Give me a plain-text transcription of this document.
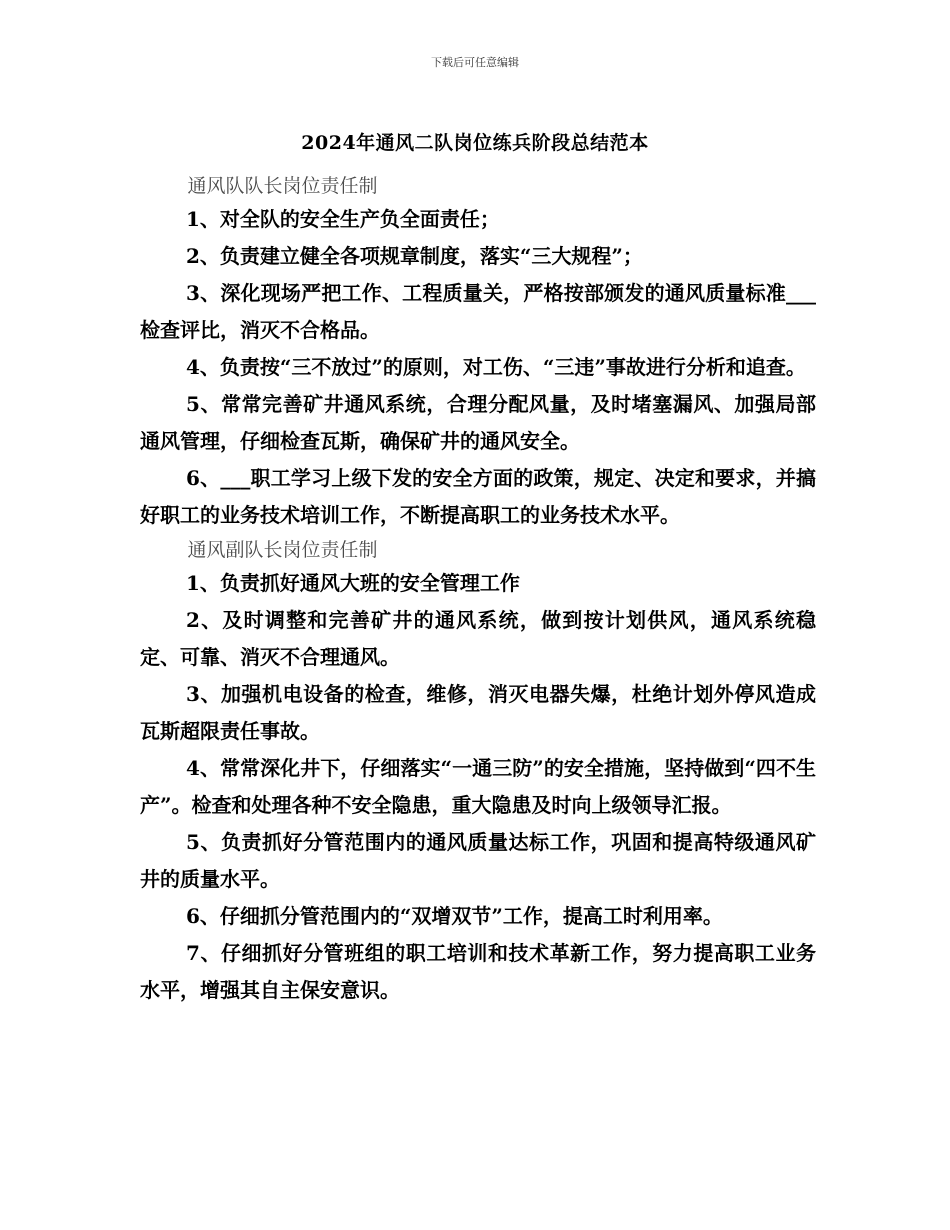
下载后可任意编辑
2024年通风二队岗位练兵阶段总结范本

通风队队长岗位责任制

1、对全队的安全生产负全面责任；

2、负责建立健全各项规章制度，落实“三大规程”；

3、深化现场严把工作、工程质量关，严格按部颁发的通风质量标准___检查评比，消灭不合格品。

4、负责按“三不放过”的原则，对工伤、“三违”事故进行分析和追查。

5、常常完善矿井通风系统，合理分配风量，及时堵塞漏风、加强局部通风管理，仔细检查瓦斯，确保矿井的通风安全。

6、___职工学习上级下发的安全方面的政策，规定、决定和要求，并搞好职工的业务技术培训工作，不断提高职工的业务技术水平。

通风副队长岗位责任制

1、负责抓好通风大班的安全管理工作

2、及时调整和完善矿井的通风系统，做到按计划供风，通风系统稳定、可靠、消灭不合理通风。

3、加强机电设备的检查，维修，消灭电器失爆，杜绝计划外停风造成瓦斯超限责任事故。

4、常常深化井下，仔细落实“一通三防”的安全措施，坚持做到“四不生产”。检查和处理各种不安全隐患，重大隐患及时向上级领导汇报。

5、负责抓好分管范围内的通风质量达标工作，巩固和提高特级通风矿井的质量水平。

6、仔细抓分管范围内的“双增双节”工作，提高工时利用率。

7、仔细抓好分管班组的职工培训和技术革新工作，努力提高职工业务水平，增强其自主保安意识。
